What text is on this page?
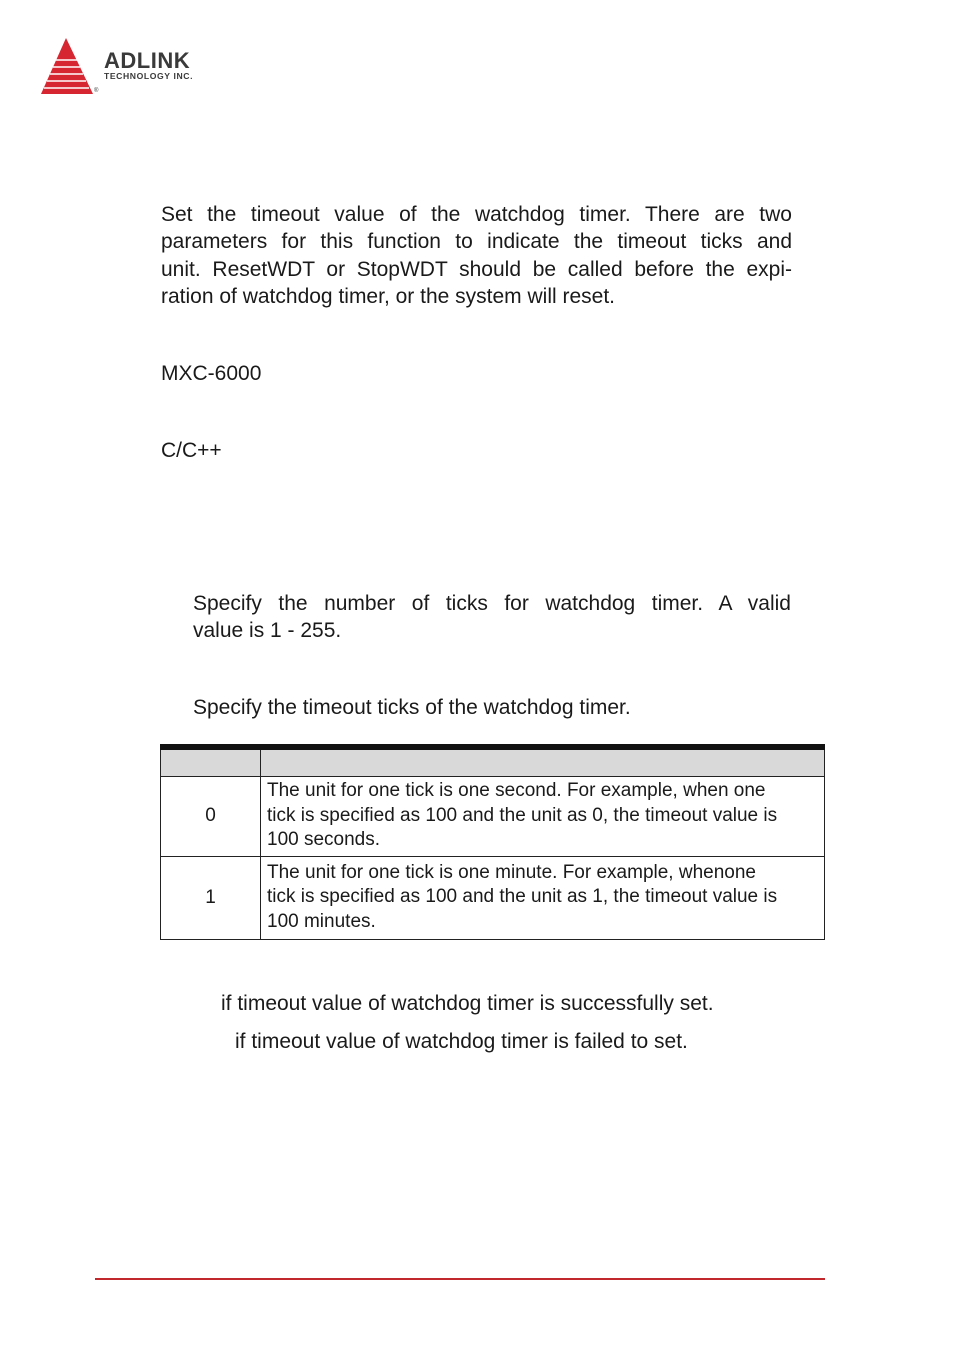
ADLINK
TECHNOLOGY INC.
®
Set the timeout value of the watchdog timer. There are two
parameters for this function to indicate the timeout ticks and
unit. ResetWDT or StopWDT should be called before the expi-
ration of watchdog timer, or the system will reset.
MXC-6000
C/C++
Specify the number of ticks for watchdog timer. A valid
value is 1 - 255.
Specify the timeout ticks of the watchdog timer.

0	The unit for one tick is one second. For example, when one
tick is specified as 100 and the unit as 0, the timeout value is
100 seconds.

1	The unit for one tick is one minute. For example, whenone
tick is specified as 100 and the unit as 1, the timeout value is
100 minutes.
if timeout value of watchdog timer is successfully set.
if timeout value of watchdog timer is failed to set.
